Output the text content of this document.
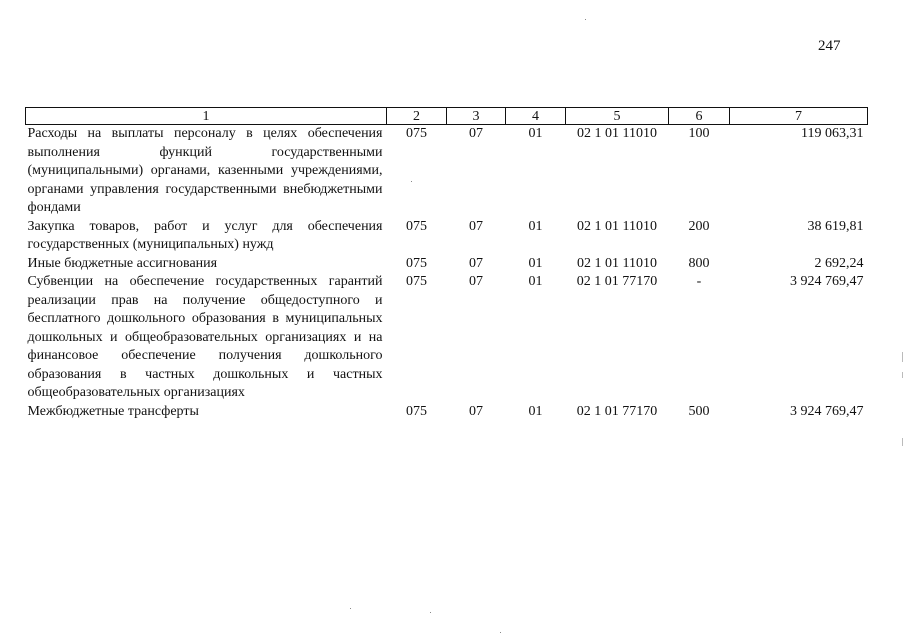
247
1	2	3	4	5	6	7
Расходы на выплаты персоналу в целях обеспечения выполнения функций государственными (муниципальными) органами, казенными учреждениями, органами управления государственными внебюджетными фондами	075	07	01	02 1 01 11010	100	119 063,31
Закупка товаров, работ и услуг для обеспечения государственных (муниципальных) нужд	075	07	01	02 1 01 11010	200	38 619,81
Иные бюджетные ассигнования	075	07	01	02 1 01 11010	800	2 692,24
Субвенции на обеспечение государственных гарантий реализации прав на получение общедоступного и бесплатного дошкольного образования в муниципальных дошкольных и общеобразовательных организациях и на финансовое обеспечение получения дошкольного образования в частных дошкольных и частных общеобразовательных организациях	075	07	01	02 1 01 77170	-	3 924 769,47
Межбюджетные трансферты	075	07	01	02 1 01 77170	500	3 924 769,47
